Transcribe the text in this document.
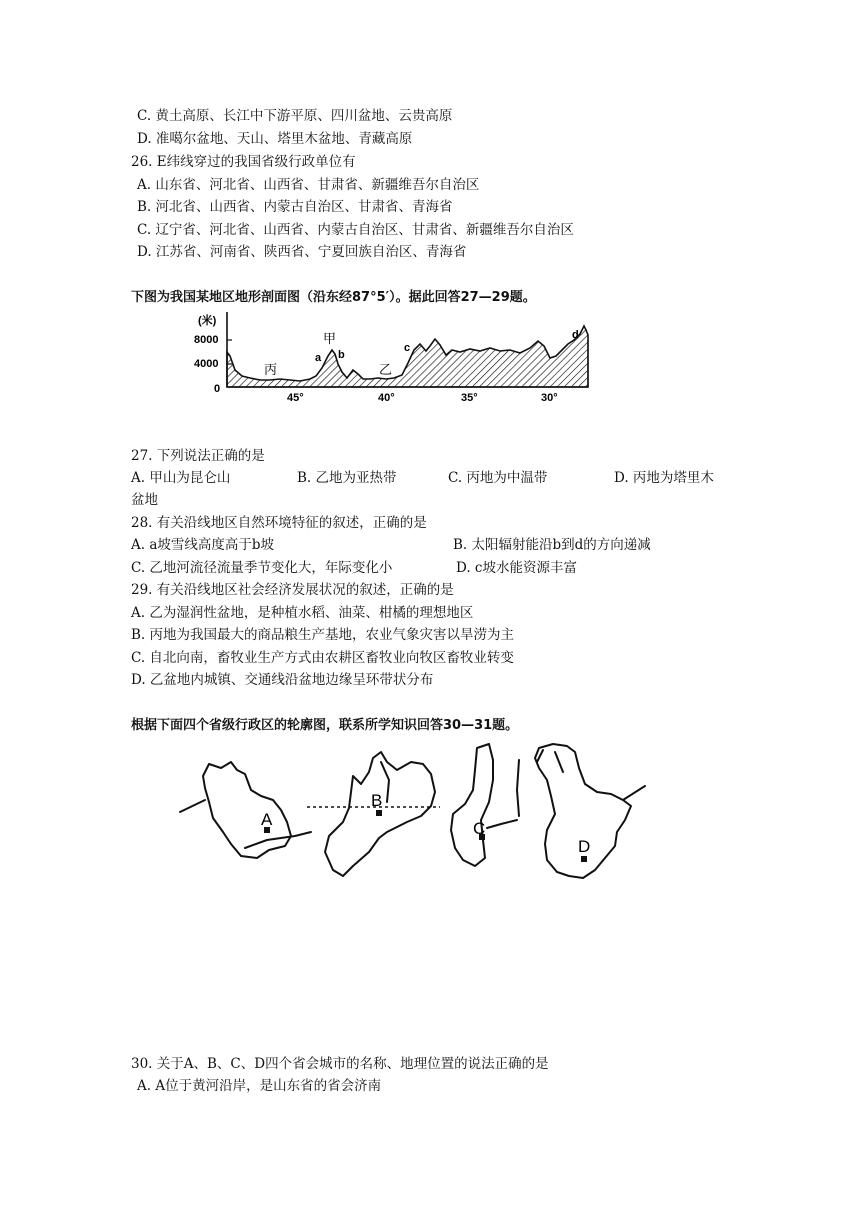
C. 黄土高原、长江中下游平原、四川盆地、云贵高原
D. 准噶尔盆地、天山、塔里木盆地、青藏高原
26. E纬线穿过的我国省级行政单位有
A. 山东省、河北省、山西省、甘肃省、新疆维吾尔自治区
B. 河北省、山西省、内蒙古自治区、甘肃省、青海省
C. 辽宁省、河北省、山西省、内蒙古自治区、甘肃省、新疆维吾尔自治区
D. 江苏省、河南省、陕西省、宁夏回族自治区、青海省
下图为我国某地区地形剖面图（沿东经87°5′）。据此回答27—29题。
(米)
8000
4000
0
45°	40°	35°	30°
甲
乙
丙
a b
c
d
27. 下列说法正确的是
A. 甲山为昆仑山	B. 乙地为亚热带	C. 丙地为中温带	D. 丙地为塔里木
盆地
28. 有关沿线地区自然环境特征的叙述，正确的是
A. a坡雪线高度高于b坡	B. 太阳辐射能沿b到d的方向递减
C. 乙地河流径流量季节变化大，年际变化小	D. c坡水能资源丰富
29. 有关沿线地区社会经济发展状况的叙述，正确的是
A. 乙为湿润性盆地，是种植水稻、油菜、柑橘的理想地区
B. 丙地为我国最大的商品粮生产基地，农业气象灾害以旱涝为主
C. 自北向南，畜牧业生产方式由农耕区畜牧业向牧区畜牧业转变
D. 乙盆地内城镇、交通线沿盆地边缘呈环带状分布
根据下面四个省级行政区的轮廓图，联系所学知识回答30—31题。
A
B
C
D
30. 关于A、B、C、D四个省会城市的名称、地理位置的说法正确的是
A. A位于黄河沿岸，是山东省的省会济南
